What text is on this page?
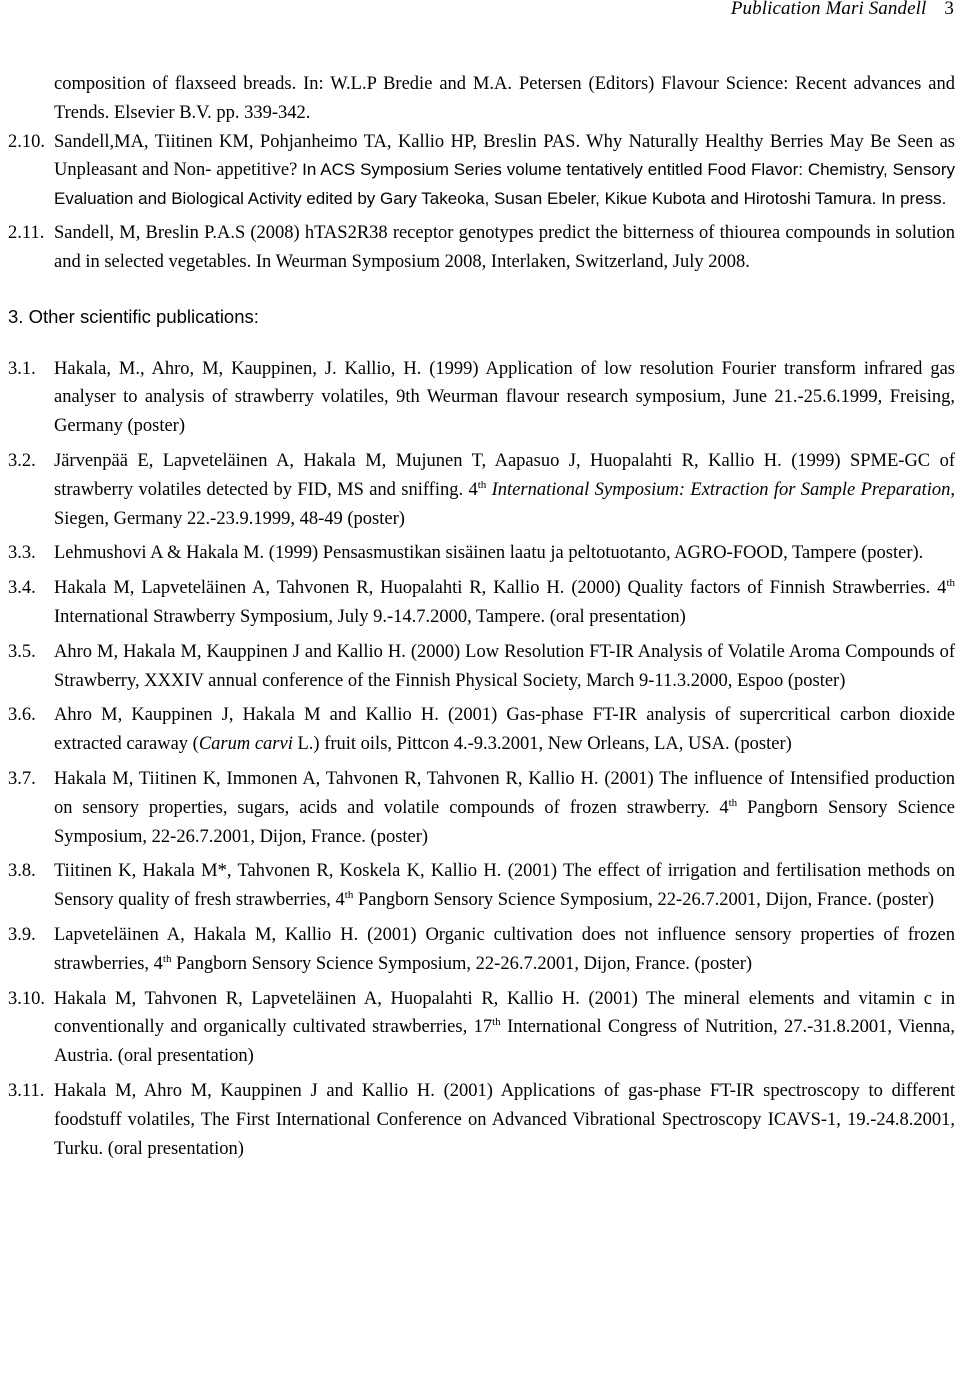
Publication Mari Sandell 3
composition of flaxseed breads. In: W.L.P Bredie and M.A. Petersen (Editors) Flavour Science: Recent advances and Trends. Elsevier B.V. pp. 339-342.
2.10. Sandell,MA, Tiitinen KM, Pohjanheimo TA, Kallio HP, Breslin PAS. Why Naturally Healthy Berries May Be Seen as Unpleasant and Non- appetitive? In ACS Symposium Series volume tentatively entitled Food Flavor: Chemistry, Sensory Evaluation and Biological Activity edited by Gary Takeoka, Susan Ebeler, Kikue Kubota and Hirotoshi Tamura. In press.
2.11. Sandell, M, Breslin P.A.S (2008) hTAS2R38 receptor genotypes predict the bitterness of thiourea compounds in solution and in selected vegetables. In Weurman Symposium 2008, Interlaken, Switzerland, July 2008.
3. Other scientific publications:
3.1. Hakala, M., Ahro, M, Kauppinen, J. Kallio, H. (1999) Application of low resolution Fourier transform infrared gas analyser to analysis of strawberry volatiles, 9th Weurman flavour research symposium, June 21.-25.6.1999, Freising, Germany (poster)
3.2. Järvenpää E, Lapveteläinen A, Hakala M, Mujunen T, Aapasuo J, Huopalahti R, Kallio H. (1999) SPME-GC of strawberry volatiles detected by FID, MS and sniffing. 4th International Symposium: Extraction for Sample Preparation, Siegen, Germany 22.-23.9.1999, 48-49 (poster)
3.3. Lehmushovi A & Hakala M. (1999) Pensasmustikan sisäinen laatu ja peltotuotanto, AGRO-FOOD, Tampere (poster).
3.4. Hakala M, Lapveteläinen A, Tahvonen R, Huopalahti R, Kallio H. (2000) Quality factors of Finnish Strawberries. 4th International Strawberry Symposium, July 9.-14.7.2000, Tampere. (oral presentation)
3.5. Ahro M, Hakala M, Kauppinen J and Kallio H. (2000) Low Resolution FT-IR Analysis of Volatile Aroma Compounds of Strawberry, XXXIV annual conference of the Finnish Physical Society, March 9-11.3.2000, Espoo (poster)
3.6. Ahro M, Kauppinen J, Hakala M and Kallio H. (2001) Gas-phase FT-IR analysis of supercritical carbon dioxide extracted caraway (Carum carvi L.) fruit oils, Pittcon 4.-9.3.2001, New Orleans, LA, USA. (poster)
3.7. Hakala M, Tiitinen K, Immonen A, Tahvonen R, Tahvonen R, Kallio H. (2001) The influence of Intensified production on sensory properties, sugars, acids and volatile compounds of frozen strawberry. 4th Pangborn Sensory Science Symposium, 22-26.7.2001, Dijon, France. (poster)
3.8. Tiitinen K, Hakala M*, Tahvonen R, Koskela K, Kallio H. (2001) The effect of irrigation and fertilisation methods on Sensory quality of fresh strawberries, 4th Pangborn Sensory Science Symposium, 22-26.7.2001, Dijon, France. (poster)
3.9. Lapveteläinen A, Hakala M, Kallio H. (2001) Organic cultivation does not influence sensory properties of frozen strawberries, 4th Pangborn Sensory Science Symposium, 22-26.7.2001, Dijon, France. (poster)
3.10. Hakala M, Tahvonen R, Lapveteläinen A, Huopalahti R, Kallio H. (2001) The mineral elements and vitamin c in conventionally and organically cultivated strawberries, 17th International Congress of Nutrition, 27.-31.8.2001, Vienna, Austria. (oral presentation)
3.11. Hakala M, Ahro M, Kauppinen J and Kallio H. (2001) Applications of gas-phase FT-IR spectroscopy to different foodstuff volatiles, The First International Conference on Advanced Vibrational Spectroscopy ICAVS-1, 19.-24.8.2001, Turku. (oral presentation)
